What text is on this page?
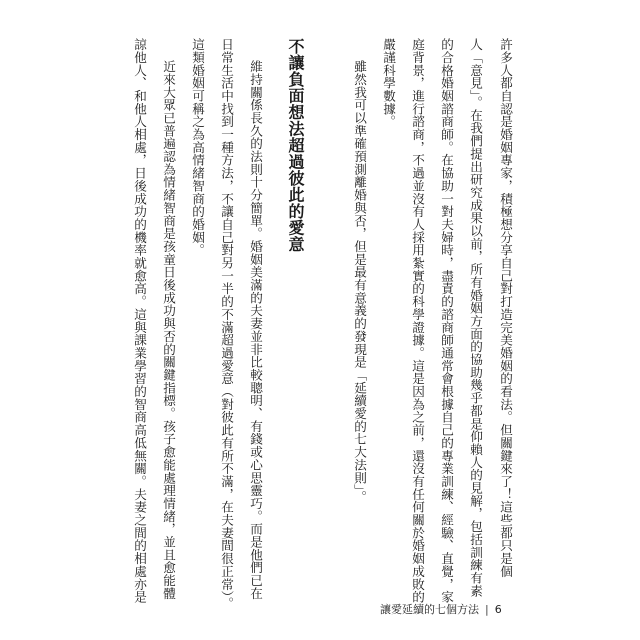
許多人都自認是婚姻專家，積極想分享自己對打造完美婚姻的看法。但關鍵來了！這些都只是個
人「意見」。在我們提出研究成果以前，所有婚姻方面的協助幾乎都是仰賴人的見解，包括訓練有素
的合格婚姻諮商師。在協助一對夫婦時，盡責的諮商師通常會根據自己的專業訓練、經驗、直覺，家
庭背景，進行諮商，不過並沒有人採用紮實的科學證據。這是因為之前，還沒有任何關於婚姻成敗的
嚴謹科學數據。
雖然我可以準確預測離婚與否，但是最有意義的發現是「延續愛的七大法則」。
不讓負面想法超過彼此的愛意
維持關係長久的法則十分簡單。婚姻美滿的夫妻並非比較聰明、有錢或心思靈巧。而是他們已在
日常生活中找到一種方法，不讓自己對另一半的不滿超過愛意（對彼此有所不滿，在夫妻間很正常）。
這類婚姻可稱之為高情緒智商的婚姻。
近來大眾已普遍認為情緒智商是孩童日後成功與否的關鍵指標。孩子愈能處理情緒，並且愈能體
諒他人、和他人相處，日後成功的機率就愈高。這與課業學習的智商高低無關。夫妻之間的相處亦是
讓愛延續的七個方法 | 6
